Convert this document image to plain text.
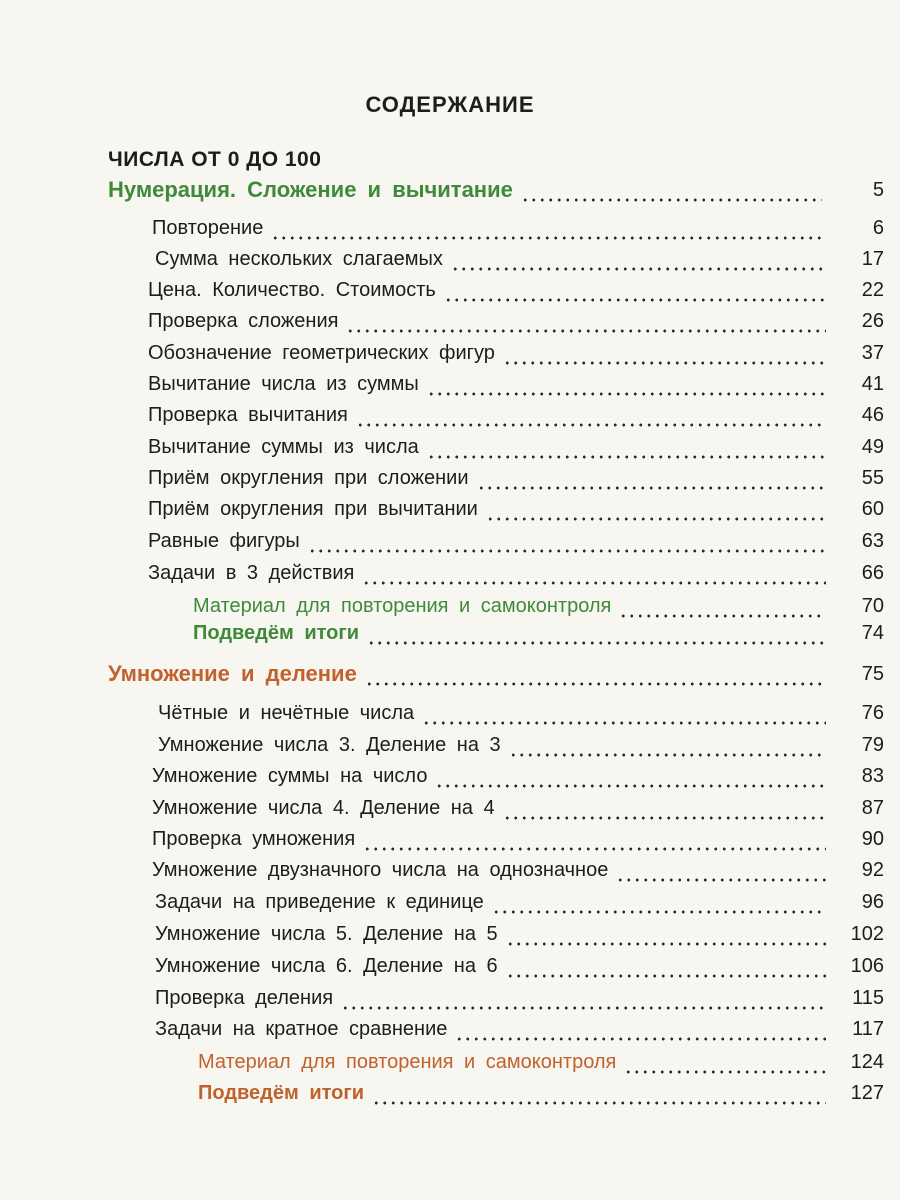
СОДЕРЖАНИЕ
ЧИСЛА ОТ 0 ДО 100
Нумерация. Сложение и вычитание	5
Повторение	6
Сумма нескольких слагаемых	17
Цена. Количество. Стоимость	22
Проверка сложения	26
Обозначение геометрических фигур	37
Вычитание числа из суммы	41
Проверка вычитания	46
Вычитание суммы из числа	49
Приём округления при сложении	55
Приём округления при вычитании	60
Равные фигуры	63
Задачи в 3 действия	66
Материал для повторения и самоконтроля	70
Подведём итоги	74
Умножение и деление	75
Чётные и нечётные числа	76
Умножение числа 3. Деление на 3	79
Умножение суммы на число	83
Умножение числа 4. Деление на 4	87
Проверка умножения	90
Умножение двузначного числа на однозначное	92
Задачи на приведение к единице	96
Умножение числа 5. Деление на 5	102
Умножение числа 6. Деление на 6	106
Проверка деления	115
Задачи на кратное сравнение	117
Материал для повторения и самоконтроля	124
Подведём итоги	127
